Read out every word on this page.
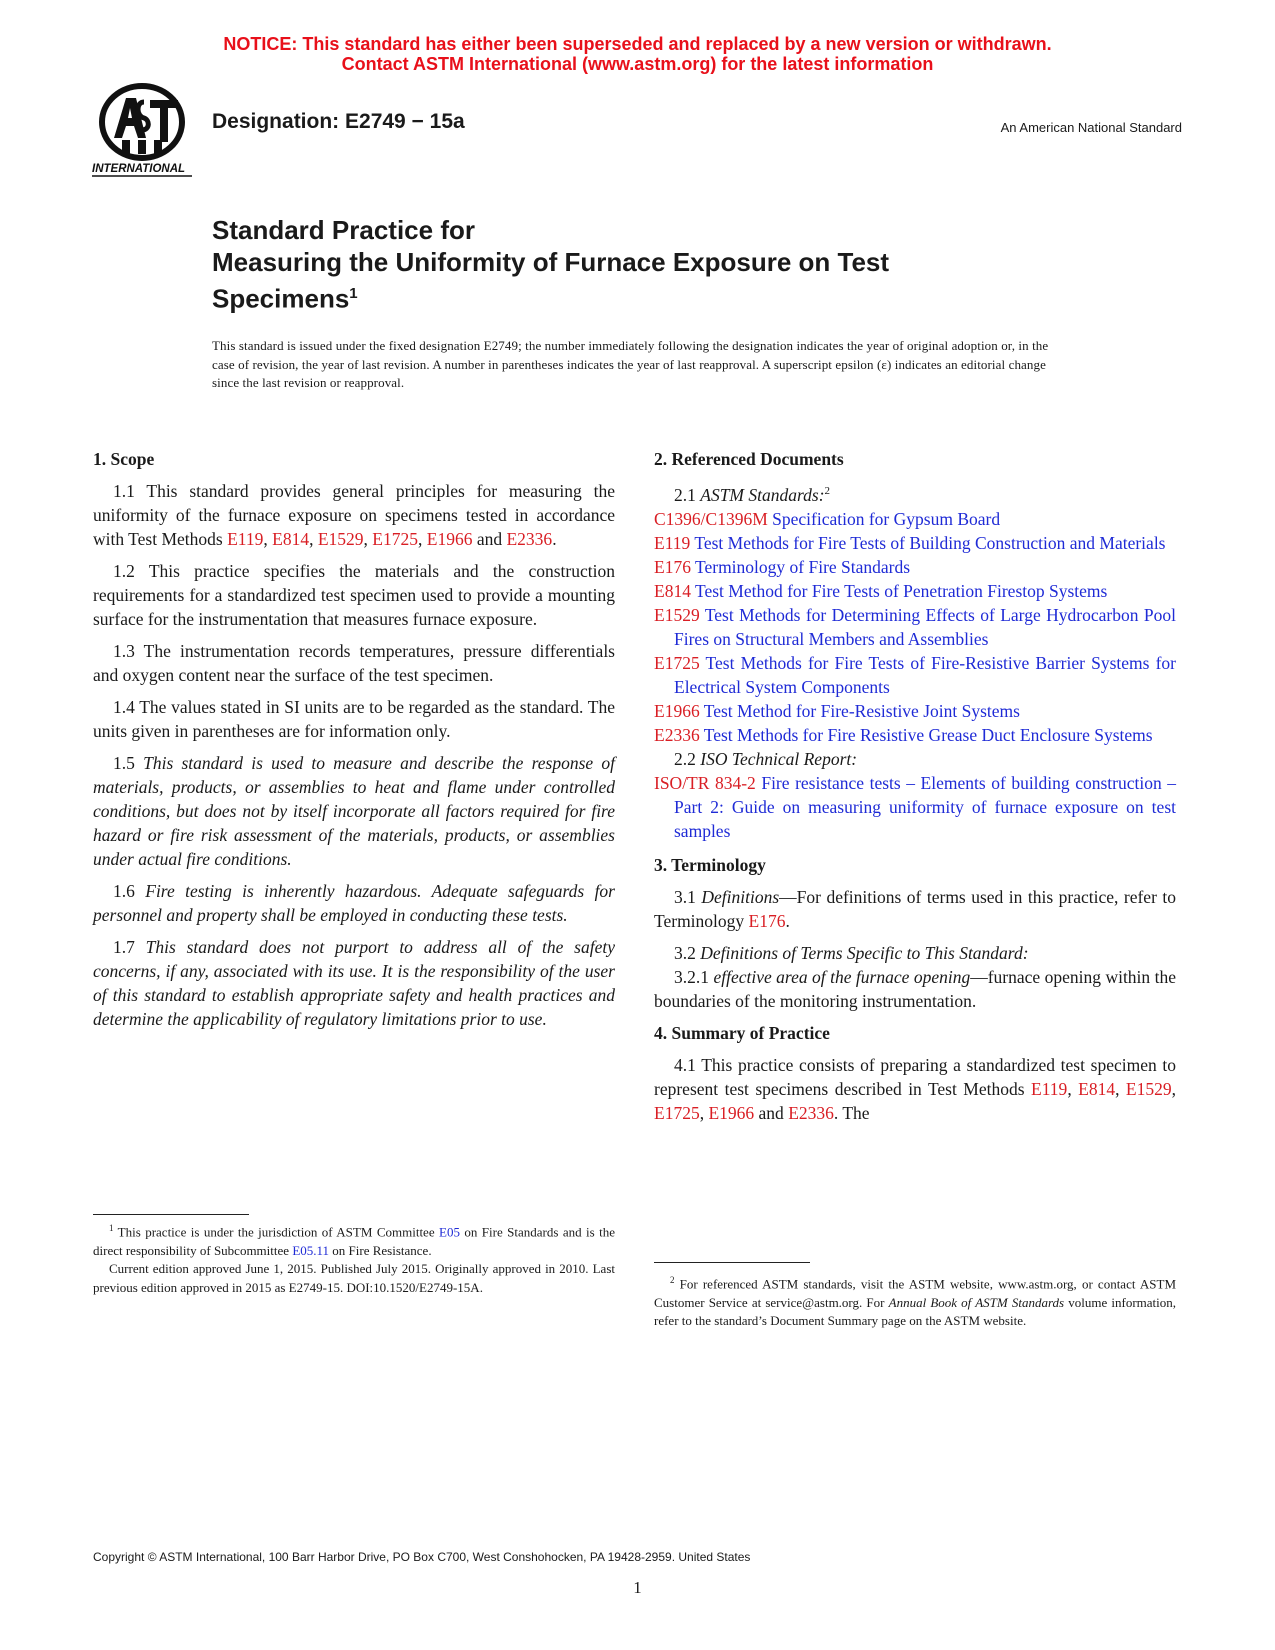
NOTICE: This standard has either been superseded and replaced by a new version or withdrawn.
Contact ASTM International (www.astm.org) for the latest information
INTERNATIONAL
Designation: E2749 − 15a	An American National Standard
Standard Practice for
Measuring the Uniformity of Furnace Exposure on Test
Specimens$^1$
This standard is issued under the fixed designation E2749; the number immediately following the designation indicates the year of original adoption or, in the case of revision, the year of last revision. A number in parentheses indicates the year of last reapproval. A superscript epsilon (ε) indicates an editorial change since the last revision or reapproval.
1. Scope

1.1 This standard provides general principles for measuring the uniformity of the furnace exposure on specimens tested in accordance with Test Methods E119, E814, E1529, E1725, E1966 and E2336.

1.2 This practice specifies the materials and the construction requirements for a standardized test specimen used to provide a mounting surface for the instrumentation that measures furnace exposure.

1.3 The instrumentation records temperatures, pressure differentials and oxygen content near the surface of the test specimen.

1.4 The values stated in SI units are to be regarded as the standard. The units given in parentheses are for information only.

1.5 This standard is used to measure and describe the response of materials, products, or assemblies to heat and flame under controlled conditions, but does not by itself incorporate all factors required for fire hazard or fire risk assessment of the materials, products, or assemblies under actual fire conditions.

1.6 Fire testing is inherently hazardous. Adequate safeguards for personnel and property shall be employed in conducting these tests.

1.7 This standard does not purport to address all of the safety concerns, if any, associated with its use. It is the responsibility of the user of this standard to establish appropriate safety and health practices and determine the applicability of regulatory limitations prior to use.

$^1$ This practice is under the jurisdiction of ASTM Committee E05 on Fire Standards and is the direct responsibility of Subcommittee E05.11 on Fire Resistance.

Current edition approved June 1, 2015. Published July 2015. Originally approved in 2010. Last previous edition approved in 2015 as E2749-15. DOI:10.1520/E2749-15A.

2. Referenced Documents

2.1 ASTM Standards:$^2$

C1396/C1396M Specification for Gypsum Board

E119 Test Methods for Fire Tests of Building Construction and Materials

E176 Terminology of Fire Standards

E814 Test Method for Fire Tests of Penetration Firestop Systems

E1529 Test Methods for Determining Effects of Large Hydrocarbon Pool Fires on Structural Members and Assemblies

E1725 Test Methods for Fire Tests of Fire-Resistive Barrier Systems for Electrical System Components

E1966 Test Method for Fire-Resistive Joint Systems

E2336 Test Methods for Fire Resistive Grease Duct Enclosure Systems

2.2 ISO Technical Report:

ISO/TR 834-2 Fire resistance tests – Elements of building construction – Part 2: Guide on measuring uniformity of furnace exposure on test samples

3. Terminology

3.1 Definitions—For definitions of terms used in this practice, refer to Terminology E176.

3.2 Definitions of Terms Specific to This Standard:

3.2.1 effective area of the furnace opening—furnace opening within the boundaries of the monitoring instrumentation.

4. Summary of Practice

4.1 This practice consists of preparing a standardized test specimen to represent test specimens described in Test Methods E119, E814, E1529, E1725, E1966 and E2336. The

$^2$ For referenced ASTM standards, visit the ASTM website, www.astm.org, or contact ASTM Customer Service at service@astm.org. For Annual Book of ASTM Standards volume information, refer to the standard’s Document Summary page on the ASTM website.

Copyright © ASTM International, 100 Barr Harbor Drive, PO Box C700, West Conshohocken, PA 19428-2959. United States
1
